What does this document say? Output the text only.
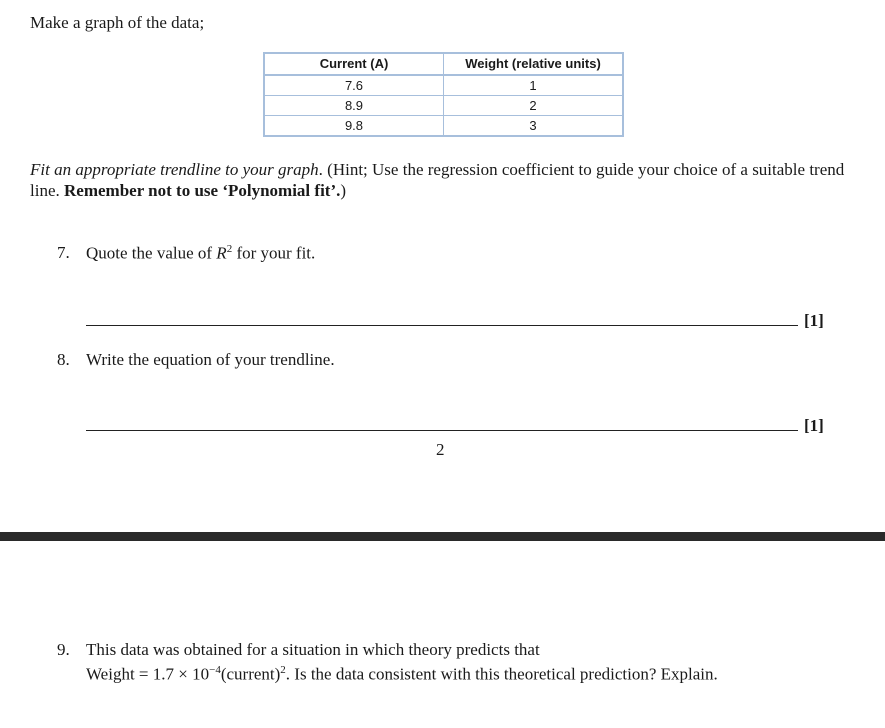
Make a graph of the data;
Current (A)	Weight (relative units)
7.6	1
8.9	2
9.8	3
Fit an appropriate trendline to your graph. (Hint; Use the regression coefficient to guide your choice of a suitable trend line. Remember not to use ‘Polynomial fit’.)
7. Quote the value of $R^2$ for your fit.
[1]
8. Write the equation of your trendline.
[1]
2
9. This data was obtained for a situation in which theory predicts that
Weight = $1.7 \times 10^{-4}(current)^2$. Is the data consistent with this theoretical prediction? Explain.
